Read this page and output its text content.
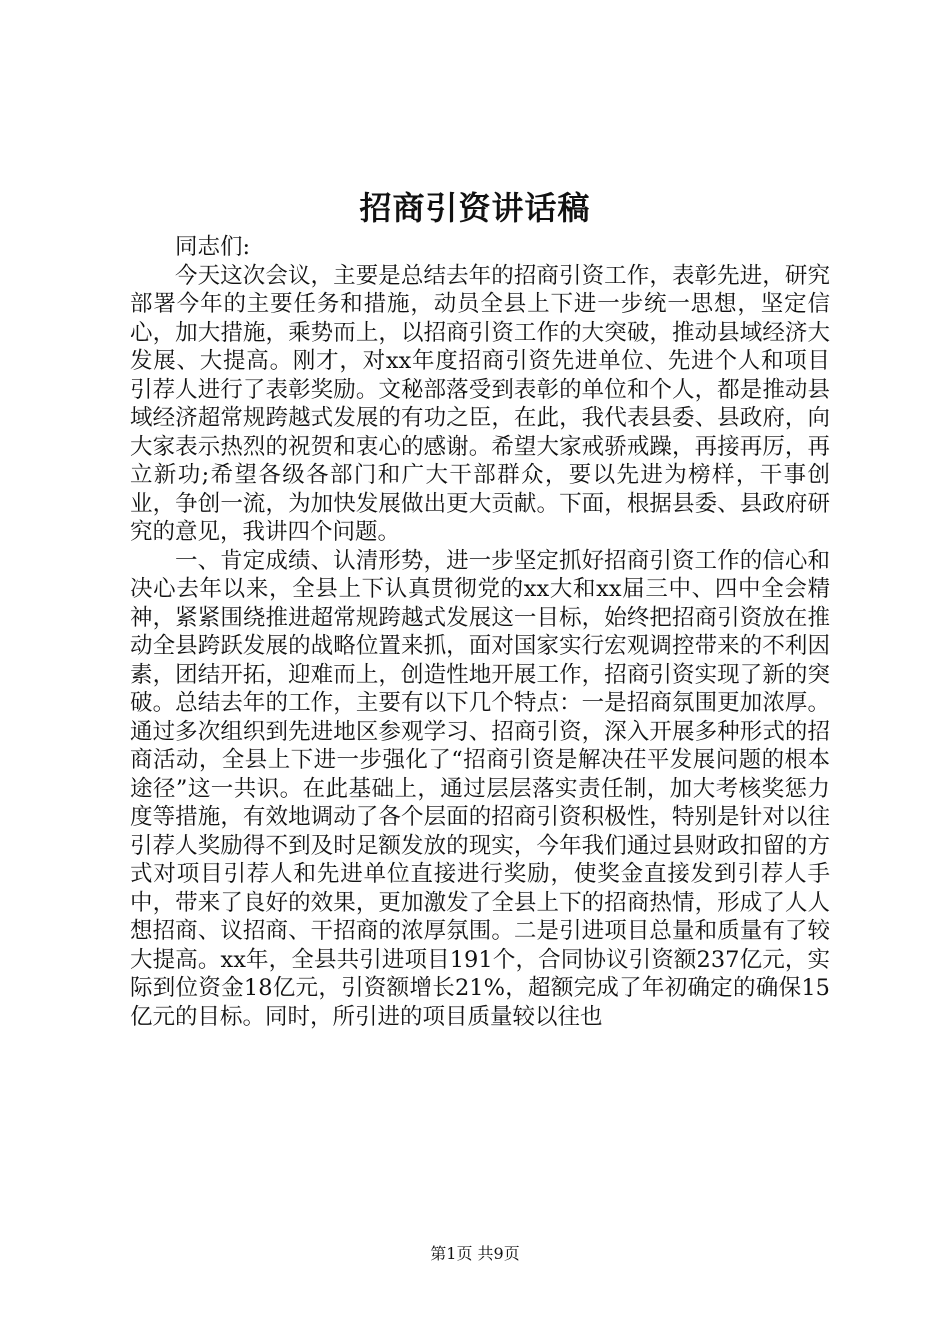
招商引资讲话稿

同志们:

今天这次会议，主要是总结去年的招商引资工作，表彰先进，研究部署今年的主要任务和措施，动员全县上下进一步统一思想，坚定信心，加大措施，乘势而上，以招商引资工作的大突破，推动县域经济大发展、大提高。刚才，对xx年度招商引资先进单位、先进个人和项目引荐人进行了表彰奖励。文秘部落受到表彰的单位和个人，都是推动县域经济超常规跨越式发展的有功之臣，在此，我代表县委、县政府，向大家表示热烈的祝贺和衷心的感谢。希望大家戒骄戒躁，再接再厉，再立新功;希望各级各部门和广大干部群众，要以先进为榜样，干事创业，争创一流，为加快发展做出更大贡献。下面，根据县委、县政府研究的意见，我讲四个问题。

一、肯定成绩、认清形势，进一步坚定抓好招商引资工作的信心和决心去年以来，全县上下认真贯彻党的xx大和xx届三中、四中全会精神，紧紧围绕推进超常规跨越式发展这一目标，始终把招商引资放在推动全县跨跃发展的战略位置来抓，面对国家实行宏观调控带来的不利因素，团结开拓，迎难而上，创造性地开展工作，招商引资实现了新的突破。总结去年的工作，主要有以下几个特点：一是招商氛围更加浓厚。通过多次组织到先进地区参观学习、招商引资，深入开展多种形式的招商活动，全县上下进一步强化了“招商引资是解决茌平发展问题的根本途径”这一共识。在此基础上，通过层层落实责任制，加大考核奖惩力度等措施，有效地调动了各个层面的招商引资积极性，特别是针对以往引荐人奖励得不到及时足额发放的现实，今年我们通过县财政扣留的方式对项目引荐人和先进单位直接进行奖励，使奖金直接发到引荐人手中，带来了良好的效果，更加激发了全县上下的招商热情，形成了人人想招商、议招商、干招商的浓厚氛围。二是引进项目总量和质量有了较大提高。xx年，全县共引进项目191个，合同协议引资额237亿元，实际到位资金18亿元，引资额增长21%，超额完成了年初确定的确保15亿元的目标。同时，所引进的项目质量较以往也

第1页 共9页
